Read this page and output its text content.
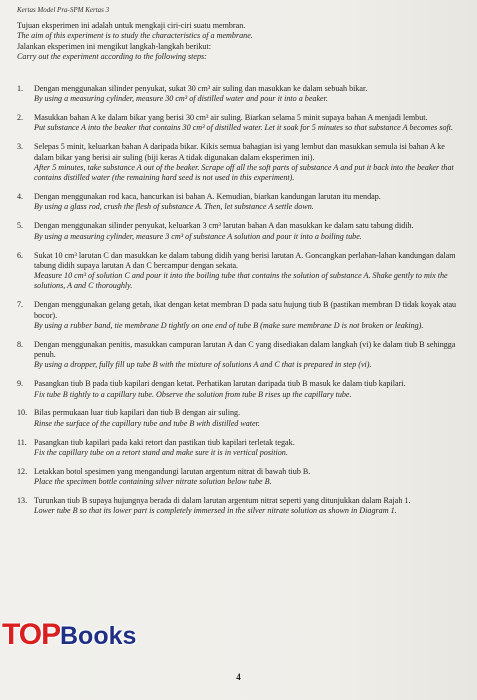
Kertas Model Pra-SPM Kertas 3
Tujuan eksperimen ini adalah untuk mengkaji ciri-ciri suatu membran.
The aim of this experiment is to study the characteristics of a membrane.
Jalankan eksperimen ini mengikut langkah-langkah berikut:
Carry out the experiment according to the following steps:
1. Dengan menggunakan silinder penyukat, sukat 30 cm³ air suling dan masukkan ke dalam sebuah bikar.
By using a measuring cylinder, measure 30 cm³ of distilled water and pour it into a beaker.
2. Masukkan bahan A ke dalam bikar yang berisi 30 cm³ air suling. Biarkan selama 5 minit supaya bahan A menjadi lembut.
Put substance A into the beaker that contains 30 cm³ of distilled water. Let it soak for 5 minutes so that substance A becomes soft.
3. Selepas 5 minit, keluarkan bahan A daripada bikar. Kikis semua bahagian isi yang lembut dan masukkan semula isi bahan A ke dalam bikar yang berisi air suling (biji keras A tidak digunakan dalam eksperimen ini).
After 5 minutes, take substance A out of the beaker. Scrape off all the soft parts of substance A and put it back into the beaker that contains distilled water (the remaining hard seed is not used in this experiment).
4. Dengan menggunakan rod kaca, hancurkan isi bahan A. Kemudian, biarkan kandungan larutan itu mendap.
By using a glass rod, crush the flesh of substance A. Then, let substance A settle down.
5. Dengan menggunakan silinder penyukat, keluarkan 3 cm³ larutan bahan A dan masukkan ke dalam satu tabung didih.
By using a measuring cylinder, measure 3 cm³ of substance A solution and pour it into a boiling tube.
6. Sukat 10 cm³ larutan C dan masukkan ke dalam tabung didih yang berisi larutan A. Goncangkan perlahan-lahan kandungan dalam tabung didih supaya larutan A dan C bercampur dengan sekata.
Measure 10 cm³ of solution C and pour it into the boiling tube that contains the solution of substance A. Shake gently to mix the solutions, A and C thoroughly.
7. Dengan menggunakan gelang getah, ikat dengan ketat membran D pada satu hujung tiub B (pastikan membran D tidak koyak atau bocor).
By using a rubber band, tie membrane D tightly on one end of tube B (make sure membrane D is not broken or leaking).
8. Dengan menggunakan penitis, masukkan campuran larutan A dan C yang disediakan dalam langkah (vi) ke dalam tiub B sehingga penuh.
By using a dropper, fully fill up tube B with the mixture of solutions A and C that is prepared in step (vi).
9. Pasangkan tiub B pada tiub kapilari dengan ketat. Perhatikan larutan daripada tiub B masuk ke dalam tiub kapilari.
Fix tube B tightly to a capillary tube. Observe the solution from tube B rises up the capillary tube.
10. Bilas permukaan luar tiub kapilari dan tiub B dengan air suling.
Rinse the surface of the capillary tube and tube B with distilled water.
11. Pasangkan tiub kapilari pada kaki retort dan pastikan tiub kapilari terletak tegak.
Fix the capillary tube on a retort stand and make sure it is in vertical position.
12. Letakkan botol spesimen yang mengandungi larutan argentum nitrat di bawah tiub B.
Place the specimen bottle containing silver nitrate solution below tube B.
13. Turunkan tiub B supaya hujungnya berada di dalam larutan argentum nitrat seperti yang ditunjukkan dalam Rajah 1.
Lower tube B so that its lower part is completely immersed in the silver nitrate solution as shown in Diagram 1.
TOP Books
4
